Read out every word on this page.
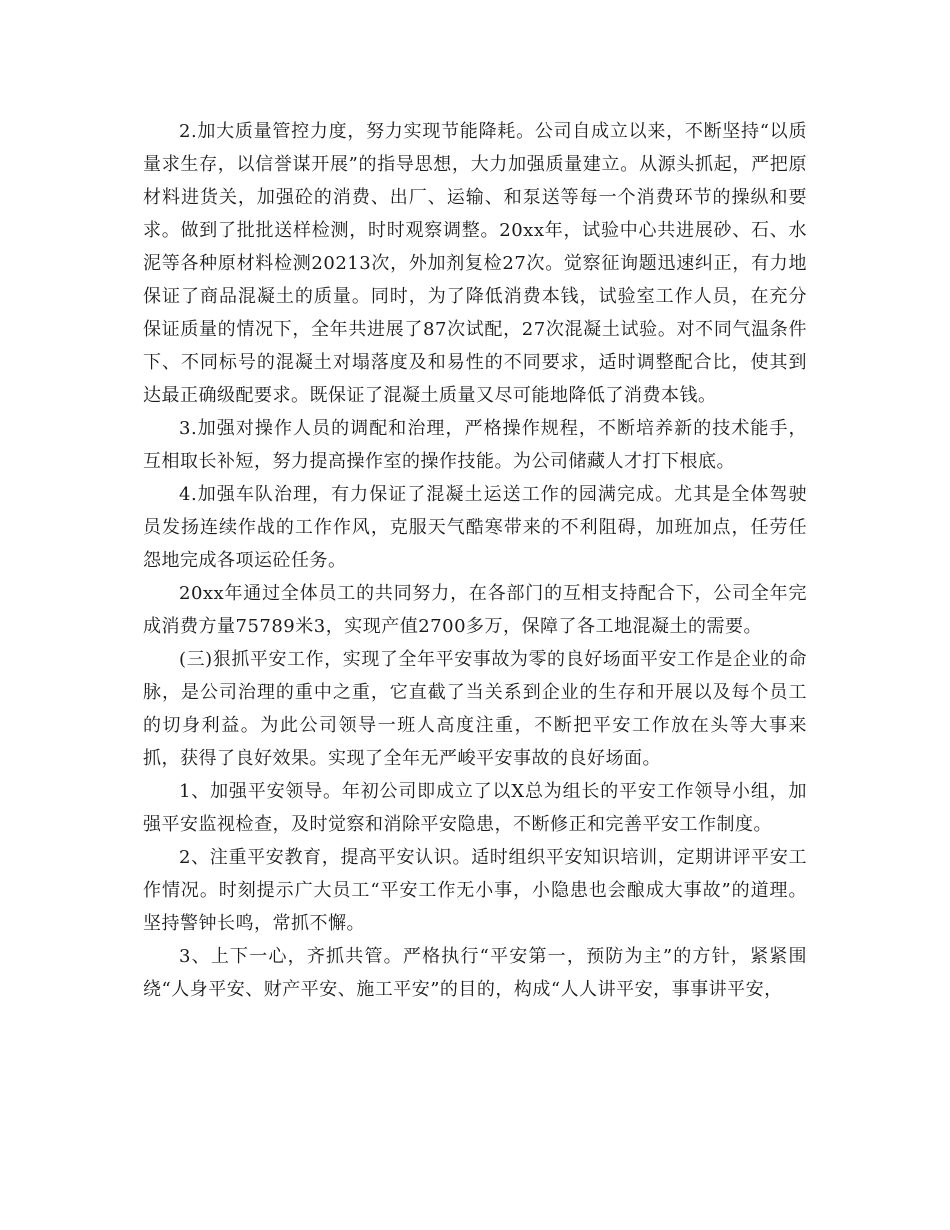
2.加大质量管控力度，努力实现节能降耗。公司自成立以来，不断坚持“以质量求生存，以信誉谋开展”的指导思想，大力加强质量建立。从源头抓起，严把原材料进货关，加强砼的消费、出厂、运输、和泵送等每一个消费环节的操纵和要求。做到了批批送样检测，时时观察调整。20xx年，试验中心共进展砂、石、水泥等各种原材料检测20213次，外加剂复检27次。觉察征询题迅速纠正，有力地保证了商品混凝土的质量。同时，为了降低消费本钱，试验室工作人员，在充分保证质量的情况下，全年共进展了87次试配，27次混凝土试验。对不同气温条件下、不同标号的混凝土对塌落度及和易性的不同要求，适时调整配合比，使其到达最正确级配要求。既保证了混凝土质量又尽可能地降低了消费本钱。

3.加强对操作人员的调配和治理，严格操作规程，不断培养新的技术能手，互相取长补短，努力提高操作室的操作技能。为公司储藏人才打下根底。

4.加强车队治理，有力保证了混凝土运送工作的园满完成。尤其是全体驾驶员发扬连续作战的工作作风，克服天气酷寒带来的不利阻碍，加班加点，任劳任怨地完成各项运砼任务。

20xx年通过全体员工的共同努力，在各部门的互相支持配合下，公司全年完成消费方量75789米3，实现产值2700多万，保障了各工地混凝土的需要。

(三)狠抓平安工作，实现了全年平安事故为零的良好场面平安工作是企业的命脉，是公司治理的重中之重，它直截了当关系到企业的生存和开展以及每个员工的切身利益。为此公司领导一班人高度注重，不断把平安工作放在头等大事来抓，获得了良好效果。实现了全年无严峻平安事故的良好场面。

1、加强平安领导。年初公司即成立了以X总为组长的平安工作领导小组，加强平安监视检查，及时觉察和消除平安隐患，不断修正和完善平安工作制度。

2、注重平安教育，提高平安认识。适时组织平安知识培训，定期讲评平安工作情况。时刻提示广大员工“平安工作无小事，小隐患也会酿成大事故”的道理。坚持警钟长鸣，常抓不懈。

3、上下一心，齐抓共管。严格执行“平安第一，预防为主”的方针，紧紧围绕“人身平安、财产平安、施工平安”的目的，构成“人人讲平安，事事讲平安，
